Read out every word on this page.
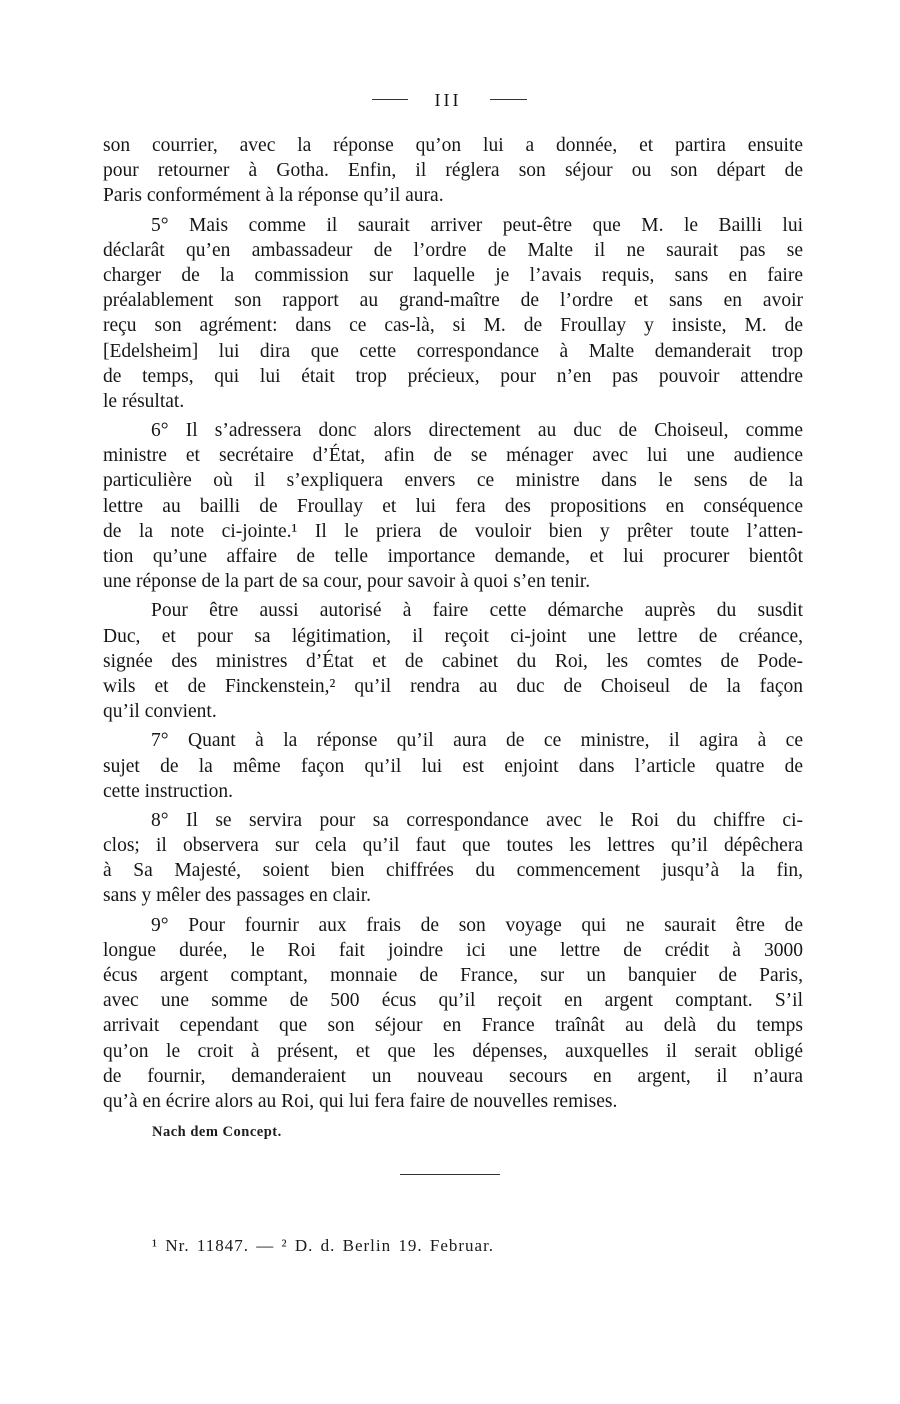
III
son courrier, avec la réponse qu’on lui a donnée, et partira ensuite
pour retourner à Gotha. Enfin, il réglera son séjour ou son départ de
Paris conformément à la réponse qu’il aura.
5° Mais comme il saurait arriver peut-être que M. le Bailli lui
déclarât qu’en ambassadeur de l’ordre de Malte il ne saurait pas se
charger de la commission sur laquelle je l’avais requis, sans en faire
préalablement son rapport au grand-maître de l’ordre et sans en avoir
reçu son agrément: dans ce cas-là, si M. de Froullay y insiste, M. de
[Edelsheim] lui dira que cette correspondance à Malte demanderait trop
de temps, qui lui était trop précieux, pour n’en pas pouvoir attendre
le résultat.
6° Il s’adressera donc alors directement au duc de Choiseul, comme
ministre et secrétaire d’État, afin de se ménager avec lui une audience
particulière où il s’expliquera envers ce ministre dans le sens de la
lettre au bailli de Froullay et lui fera des propositions en conséquence
de la note ci-jointe.¹ Il le priera de vouloir bien y prêter toute l’atten-
tion qu’une affaire de telle importance demande, et lui procurer bientôt
une réponse de la part de sa cour, pour savoir à quoi s’en tenir.
Pour être aussi autorisé à faire cette démarche auprès du susdit
Duc, et pour sa légitimation, il reçoit ci-joint une lettre de créance,
signée des ministres d’État et de cabinet du Roi, les comtes de Pode-
wils et de Finckenstein,² qu’il rendra au duc de Choiseul de la façon
qu’il convient.
7° Quant à la réponse qu’il aura de ce ministre, il agira à ce
sujet de la même façon qu’il lui est enjoint dans l’article quatre de
cette instruction.
8° Il se servira pour sa correspondance avec le Roi du chiffre ci-
clos; il observera sur cela qu’il faut que toutes les lettres qu’il dépêchera
à Sa Majesté, soient bien chiffrées du commencement jusqu’à la fin,
sans y mêler des passages en clair.
9° Pour fournir aux frais de son voyage qui ne saurait être de
longue durée, le Roi fait joindre ici une lettre de crédit à 3000
écus argent comptant, monnaie de France, sur un banquier de Paris,
avec une somme de 500 écus qu’il reçoit en argent comptant. S’il
arrivait cependant que son séjour en France traînât au delà du temps
qu’on le croit à présent, et que les dépenses, auxquelles il serait obligé
de fournir, demanderaient un nouveau secours en argent, il n’aura
qu’à en écrire alors au Roi, qui lui fera faire de nouvelles remises.
Nach dem Concept.
¹ Nr. 11847. — ² D. d. Berlin 19. Februar.
